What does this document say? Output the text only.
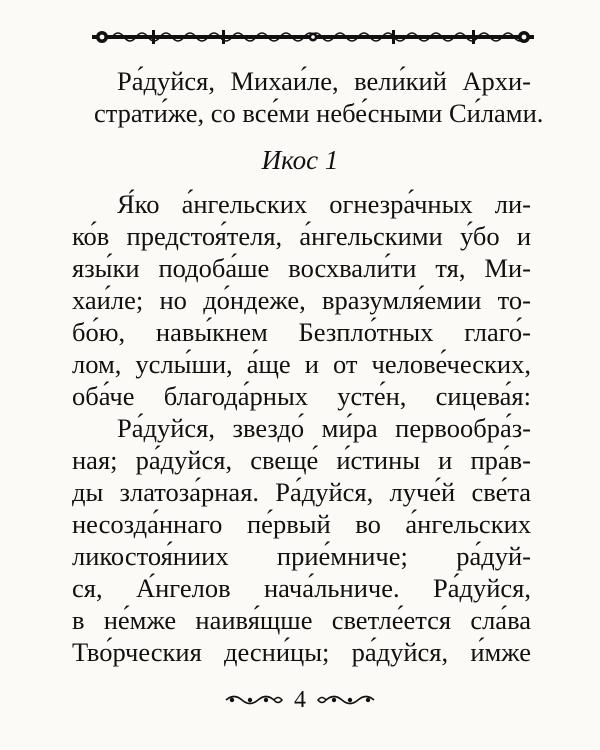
Ра́дуйся, Михаи́ле, вели́кий Архи-
страти́же, со все́ми небе́сными Си́лами.
Икос 1
Я́ко а́нгельских огнезра́чных ли-
ко́в предстоя́теля, а́нгельскими у́бо и
язы́ки подоба́ше восхвали́ти тя, Ми-
хаи́ле; но до́ндеже, вразумля́емии то-
бо́ю, навы́кнем Безпло́тных глаго́-
лом, услы́ши, а́ще и от челове́ческих,
оба́че благода́рных усте́н, сицева́я:
Ра́дуйся, звездо́ ми́ра первообра́з-
ная; ра́дуйся, свеще́ и́стины и пра́в-
ды златоза́рная. Ра́дуйся, луче́й све́та
несозда́ннаго пе́рвый во а́нгельских
ликостоя́ниих прие́мниче; ра́дуй-
ся, А́нгелов нача́льниче. Ра́дуйся,
в не́мже наивя́щше светле́ется сла́ва
Тво́рческия десни́цы; ра́дуйся, и́мже
4
